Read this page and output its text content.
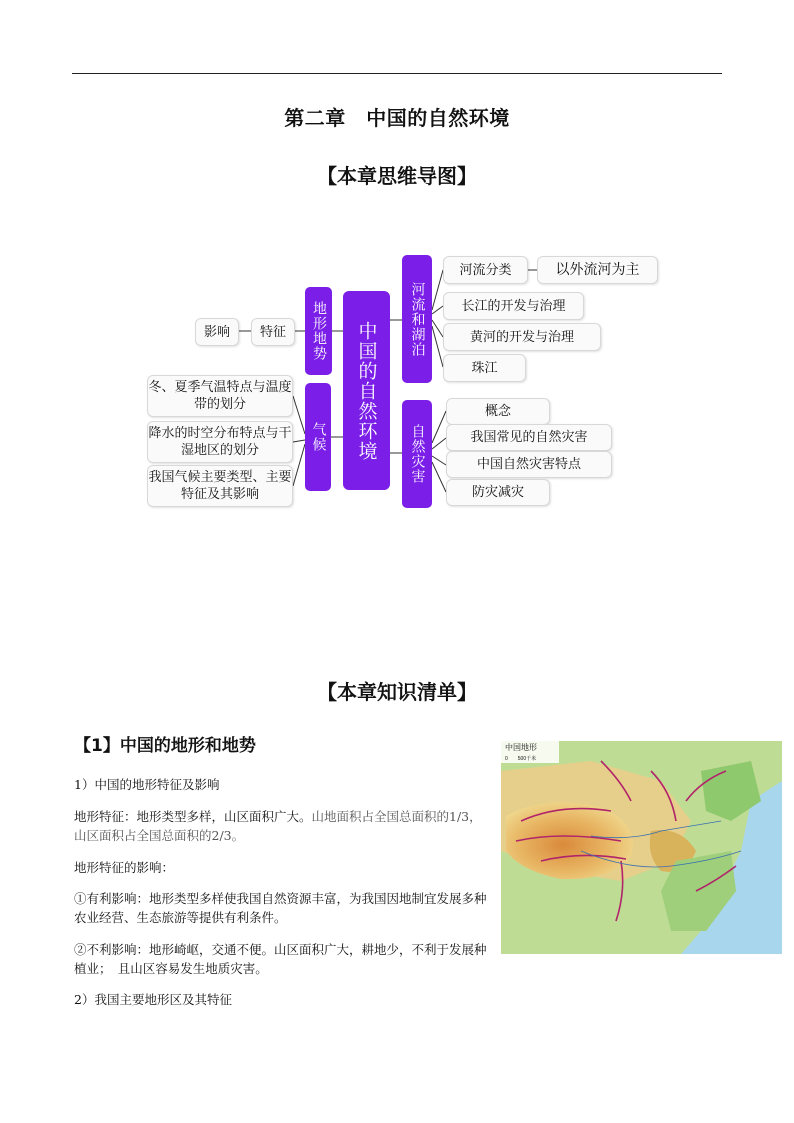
第二章　中国的自然环境
【本章思维导图】
影响	特征	地形地势
冬、夏季气温特点与温度带的划分
降水的时空分布特点与干湿地区的划分
我国气候主要类型、主要特征及其影响
气候	中国的自然环境
河流和湖泊
河流分类	以外流河为主
长江的开发与治理
黄河的开发与治理
珠江
自然灾害
概念
我国常见的自然灾害
中国自然灾害特点
防灾减灾
【本章知识清单】
【1】中国的地形和地势
1）中国的地形特征及影响
地形特征：地形类型多样，山区面积广大。山地面积占全国总面积的1/3，山区面积占全国总面积的2/3。
地形特征的影响：
①有利影响：地形类型多样使我国自然资源丰富，为我国因地制宜发展多种农业经营、生态旅游等提供有利条件。
②不利影响：地形崎岖，交通不便。山区面积广大，耕地少，不利于发展种植业；　且山区容易发生地质灾害。
2）我国主要地形区及其特征
中国地形
0　　500千米
